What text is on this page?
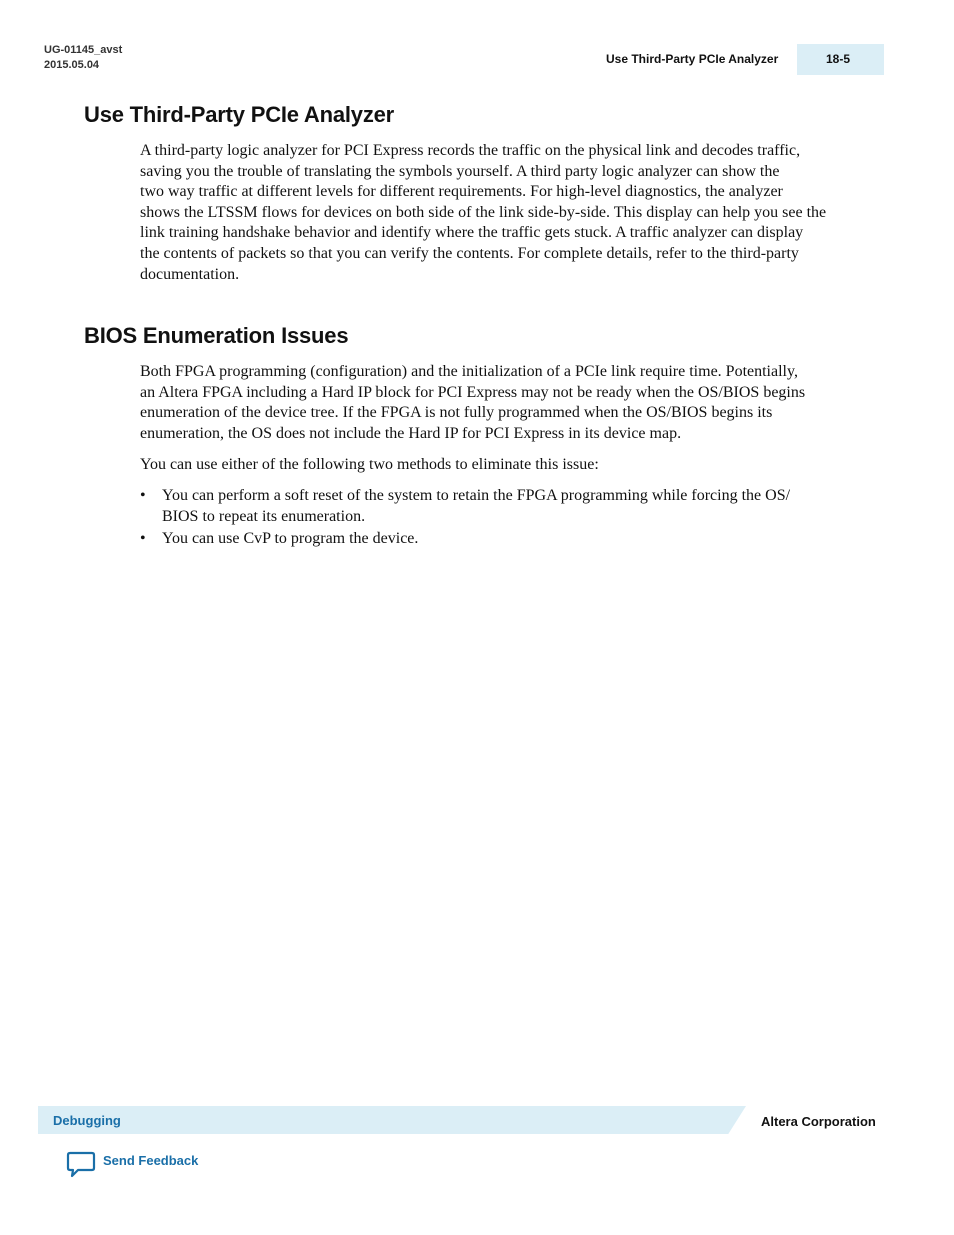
UG-01145_avst
2015.05.04	Use Third-Party PCIe Analyzer	18-5
Use Third-Party PCIe Analyzer
A third-party logic analyzer for PCI Express records the traffic on the physical link and decodes traffic,
saving you the trouble of translating the symbols yourself. A third party logic analyzer can show the
two way traffic at different levels for different requirements. For high-level diagnostics, the analyzer
shows the LTSSM flows for devices on both side of the link side-by-side. This display can help you see the
link training handshake behavior and identify where the traffic gets stuck. A traffic analyzer can display
the contents of packets so that you can verify the contents. For complete details, refer to the third-party
documentation.
BIOS Enumeration Issues
Both FPGA programming (configuration) and the initialization of a PCIe link require time. Potentially,
an Altera FPGA including a Hard IP block for PCI Express may not be ready when the OS/BIOS begins
enumeration of the device tree. If the FPGA is not fully programmed when the OS/BIOS begins its
enumeration, the OS does not include the Hard IP for PCI Express in its device map.
You can use either of the following two methods to eliminate this issue:
• You can perform a soft reset of the system to retain the FPGA programming while forcing the OS/
BIOS to repeat its enumeration.
• You can use CvP to program the device.
Debugging	Altera Corporation
Send Feedback
